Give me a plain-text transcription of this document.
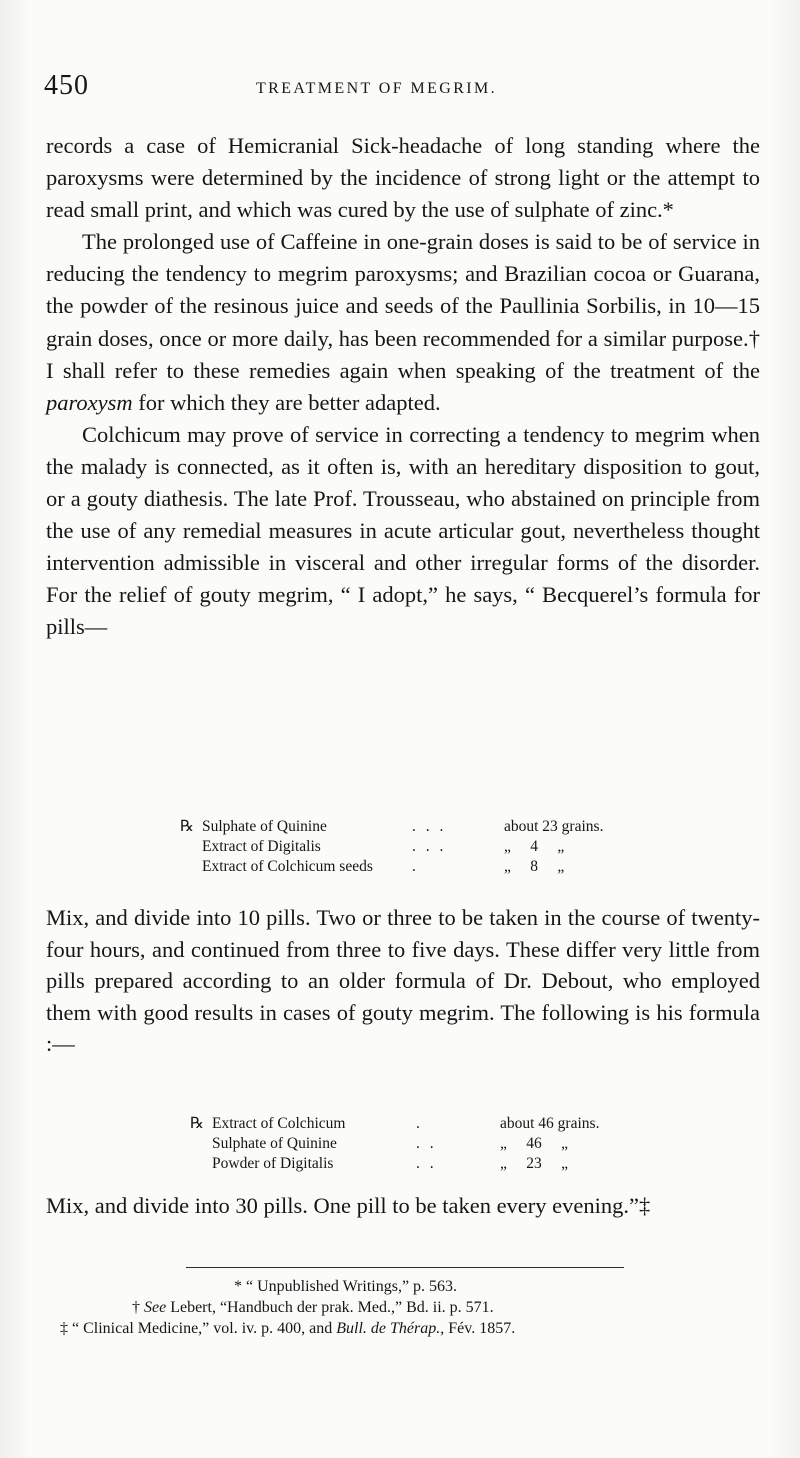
450	TREATMENT OF MEGRIM.

records a case of Hemicranial Sick-headache of long standing where the paroxysms were determined by the incidence of strong light or the attempt to read small print, and which was cured by the use of sulphate of zinc.*

The prolonged use of Caffeine in one-grain doses is said to be of service in reducing the tendency to megrim paroxysms; and Brazilian cocoa or Guarana, the powder of the resinous juice and seeds of the Paullinia Sorbilis, in 10—15 grain doses, once or more daily, has been recommended for a similar purpose.† I shall refer to these remedies again when speaking of the treatment of the paroxysm for which they are better adapted.

Colchicum may prove of service in correcting a tendency to megrim when the malady is connected, as it often is, with an hereditary disposition to gout, or a gouty diathesis. The late Prof. Trousseau, who abstained on principle from the use of any remedial measures in acute articular gout, nevertheless thought intervention admissible in visceral and other irregular forms of the disorder. For the relief of gouty megrim, “ I adopt,” he says, “ Becquerel’s formula for pills—

℞ Sulphate of Quinine	. . .	about 23 grains.
Extract of Digitalis	. . .	„     4     „
Extract of Colchicum seeds	.	„     8     „

Mix, and divide into 10 pills. Two or three to be taken in the course of twenty-four hours, and continued from three to five days. These differ very little from pills prepared according to an older formula of Dr. Debout, who employed them with good results in cases of gouty megrim. The following is his formula :—

℞ Extract of Colchicum	.	about 46 grains.
Sulphate of Quinine	. .	„     46     „
Powder of Digitalis	. .	„     23     „

Mix, and divide into 30 pills. One pill to be taken every evening.”‡

* “ Unpublished Writings,” p. 563.
† See Lebert, “Handbuch der prak. Med.,” Bd. ii. p. 571.
‡ “ Clinical Medicine,” vol. iv. p. 400, and Bull. de Thérap., Fév. 1857.
